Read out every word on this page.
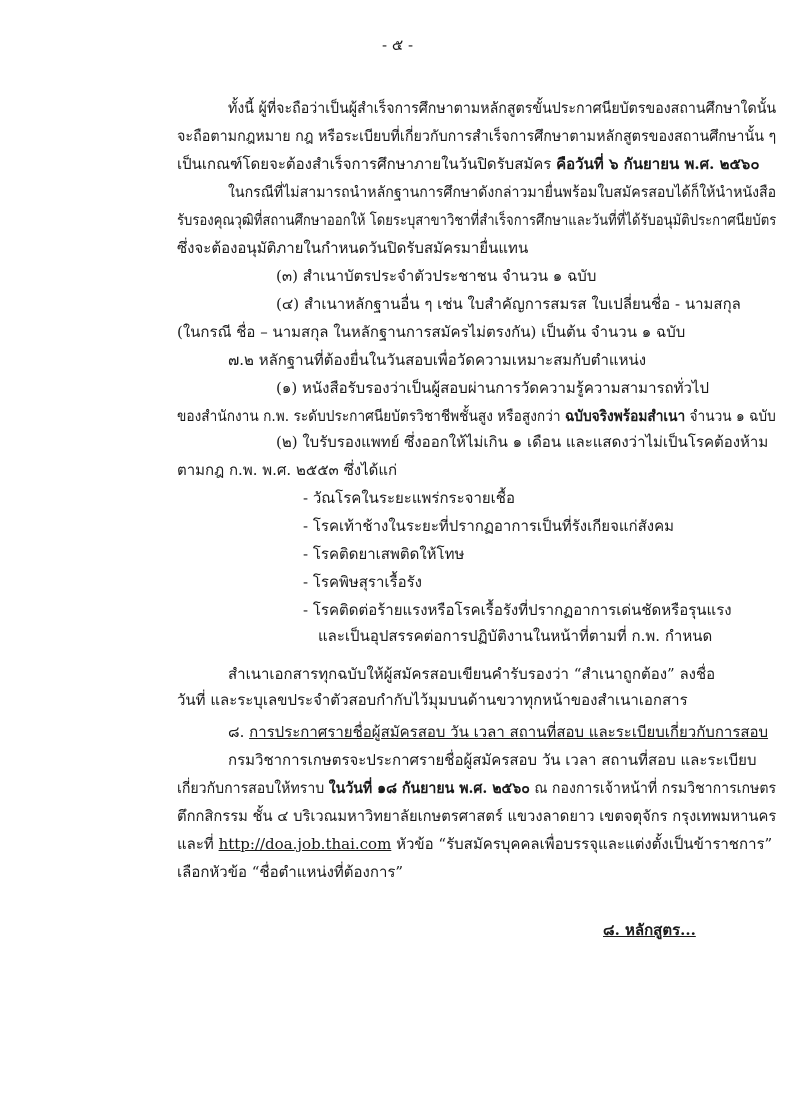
- ๕ -
ทั้งนี้ ผู้ที่จะถือว่าเป็นผู้สำเร็จการศึกษาตามหลักสูตรขั้นประกาศนียบัตรของสถานศึกษาใดนั้น
จะถือตามกฎหมาย กฎ หรือระเบียบที่เกี่ยวกับการสำเร็จการศึกษาตามหลักสูตรของสถานศึกษานั้น ๆ
เป็นเกณฑ์โดยจะต้องสำเร็จการศึกษาภายในวันปิดรับสมัคร คือวันที่ ๖ กันยายน พ.ศ. ๒๕๖๐
ในกรณีที่ไม่สามารถนำหลักฐานการศึกษาดังกล่าวมายื่นพร้อมใบสมัครสอบได้ก็ให้นำหนังสือ
รับรองคุณวุฒิที่สถานศึกษาออกให้ โดยระบุสาขาวิชาที่สำเร็จการศึกษาและวันที่ที่ได้รับอนุมัติประกาศนียบัตร
ซึ่งจะต้องอนุมัติภายในกำหนดวันปิดรับสมัครมายื่นแทน
(๓) สำเนาบัตรประจำตัวประชาชน จำนวน ๑ ฉบับ
(๔) สำเนาหลักฐานอื่น ๆ เช่น ใบสำคัญการสมรส ใบเปลี่ยนชื่อ - นามสกุล
(ในกรณี ชื่อ – นามสกุล ในหลักฐานการสมัครไม่ตรงกัน) เป็นต้น จำนวน ๑ ฉบับ
๗.๒ หลักฐานที่ต้องยื่นในวันสอบเพื่อวัดความเหมาะสมกับตำแหน่ง
(๑) หนังสือรับรองว่าเป็นผู้สอบผ่านการวัดความรู้ความสามารถทั่วไป
ของสำนักงาน ก.พ. ระดับประกาศนียบัตรวิชาชีพชั้นสูง หรือสูงกว่า ฉบับจริงพร้อมสำเนา จำนวน ๑ ฉบับ
(๒) ใบรับรองแพทย์ ซึ่งออกให้ไม่เกิน ๑ เดือน และแสดงว่าไม่เป็นโรคต้องห้าม
ตามกฎ ก.พ. พ.ศ. ๒๕๕๓ ซึ่งได้แก่
- วัณโรคในระยะแพร่กระจายเชื้อ
- โรคเท้าช้างในระยะที่ปรากฏอาการเป็นที่รังเกียจแก่สังคม
- โรคติดยาเสพติดให้โทษ
- โรคพิษสุราเรื้อรัง
- โรคติดต่อร้ายแรงหรือโรคเรื้อรังที่ปรากฏอาการเด่นชัดหรือรุนแรง
และเป็นอุปสรรคต่อการปฏิบัติงานในหน้าที่ตามที่ ก.พ. กำหนด
สำเนาเอกสารทุกฉบับให้ผู้สมัครสอบเขียนคำรับรองว่า “สำเนาถูกต้อง” ลงชื่อ
วันที่ และระบุเลขประจำตัวสอบกำกับไว้มุมบนด้านขวาทุกหน้าของสำเนาเอกสาร
๘. การประกาศรายชื่อผู้สมัครสอบ วัน เวลา สถานที่สอบ และระเบียบเกี่ยวกับการสอบ
กรมวิชาการเกษตรจะประกาศรายชื่อผู้สมัครสอบ วัน เวลา สถานที่สอบ และระเบียบ
เกี่ยวกับการสอบให้ทราบ ในวันที่ ๑๘ กันยายน พ.ศ. ๒๕๖๐ ณ กองการเจ้าหน้าที่ กรมวิชาการเกษตร
ตึกกสิกรรม ชั้น ๔ บริเวณมหาวิทยาลัยเกษตรศาสตร์ แขวงลาดยาว เขตจตุจักร กรุงเทพมหานคร
และที่ http://doa.job.thai.com หัวข้อ “รับสมัครบุคคลเพื่อบรรจุและแต่งตั้งเป็นข้าราชการ”
เลือกหัวข้อ “ชื่อตำแหน่งที่ต้องการ”
๘. หลักสูตร...
